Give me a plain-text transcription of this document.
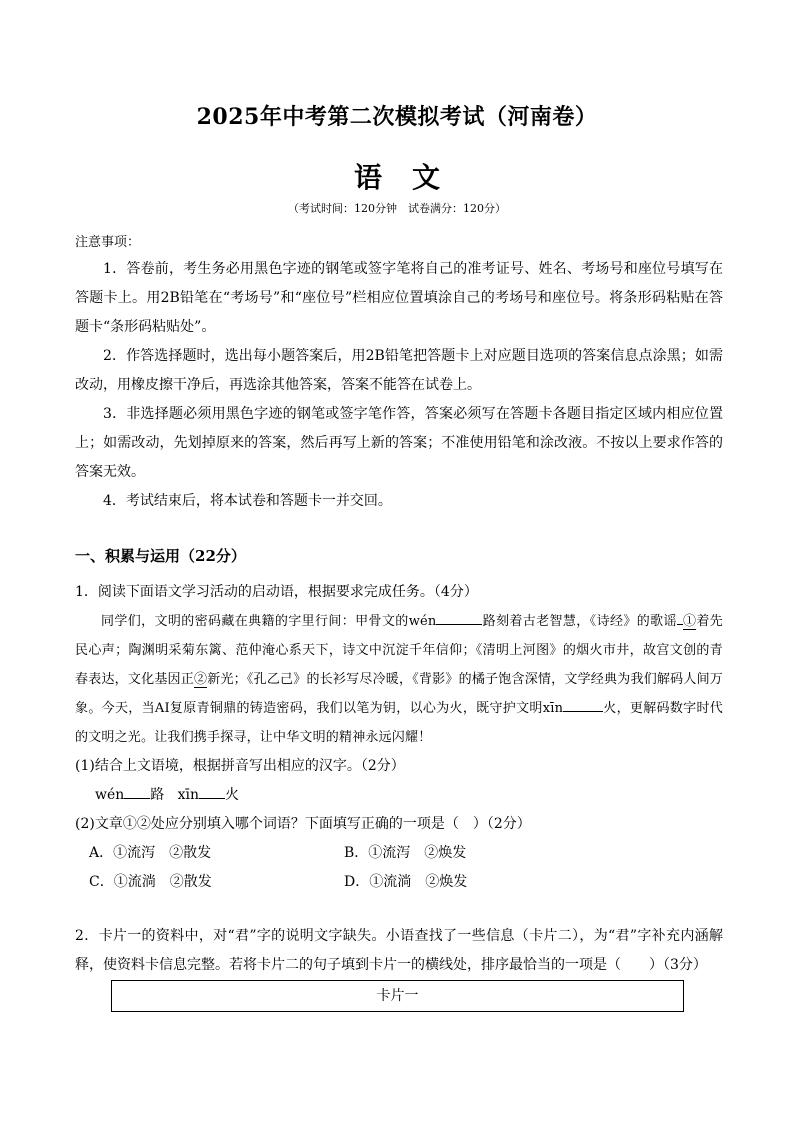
2025年中考第二次模拟考试（河南卷）
语文
（考试时间：120分钟　试卷满分：120分）
注意事项：

1．答卷前，考生务必用黑色字迹的钢笔或签字笔将自己的准考证号、姓名、考场号和座位号填写在答题卡上。用2B铅笔在“考场号”和“座位号”栏相应位置填涂自己的考场号和座位号。将条形码粘贴在答题卡“条形码粘贴处”。

2．作答选择题时，选出每小题答案后，用2B铅笔把答题卡上对应题目选项的答案信息点涂黑；如需改动，用橡皮擦干净后，再选涂其他答案，答案不能答在试卷上。

3．非选择题必须用黑色字迹的钢笔或签字笔作答，答案必须写在答题卡各题目指定区域内相应位置上；如需改动，先划掉原来的答案，然后再写上新的答案；不准使用铅笔和涂改液。不按以上要求作答的答案无效。

4．考试结束后，将本试卷和答题卡一并交回。

一、积累与运用（22分）

1．阅读下面语文学习活动的启动语，根据要求完成任务。（4分）

同学们，文明的密码藏在典籍的字里行间：甲骨文的wén	路刻着古老智慧，《诗经》的歌谣 ①着先民心声；陶渊明采菊东篱、范仲淹心系天下，诗文中沉淀千年信仰；《清明上河图》的烟火市井，故宫文创的青春表达，文化基因正②新光；《孔乙己》的长衫写尽冷暖，《背影》的橘子饱含深情，文学经典为我们解码人间万象。今天，当AI复原青铜鼎的铸造密码，我们以笔为钥，以心为火，既守护文明xīn	火，更解码数字时代的文明之光。让我们携手探寻，让中华文明的精神永远闪耀！

(1)结合上文语境，根据拼音写出相应的汉字。（2分）

wén 路 xīn 火

(2)文章①②处应分别填入哪个词语？下面填写正确的一项是（　）（2分）

A．①流泻　②散发	B．①流泻　②焕发

C．①流淌　②散发	D．①流淌　②焕发

2．卡片一的资料中，对“君”字的说明文字缺失。小语查找了一些信息（卡片二），为“君”字补充内涵解释，使资料卡信息完整。若将卡片二的句子填到卡片一的横线处，排序最恰当的一项是（　　）（3分）

卡片一
